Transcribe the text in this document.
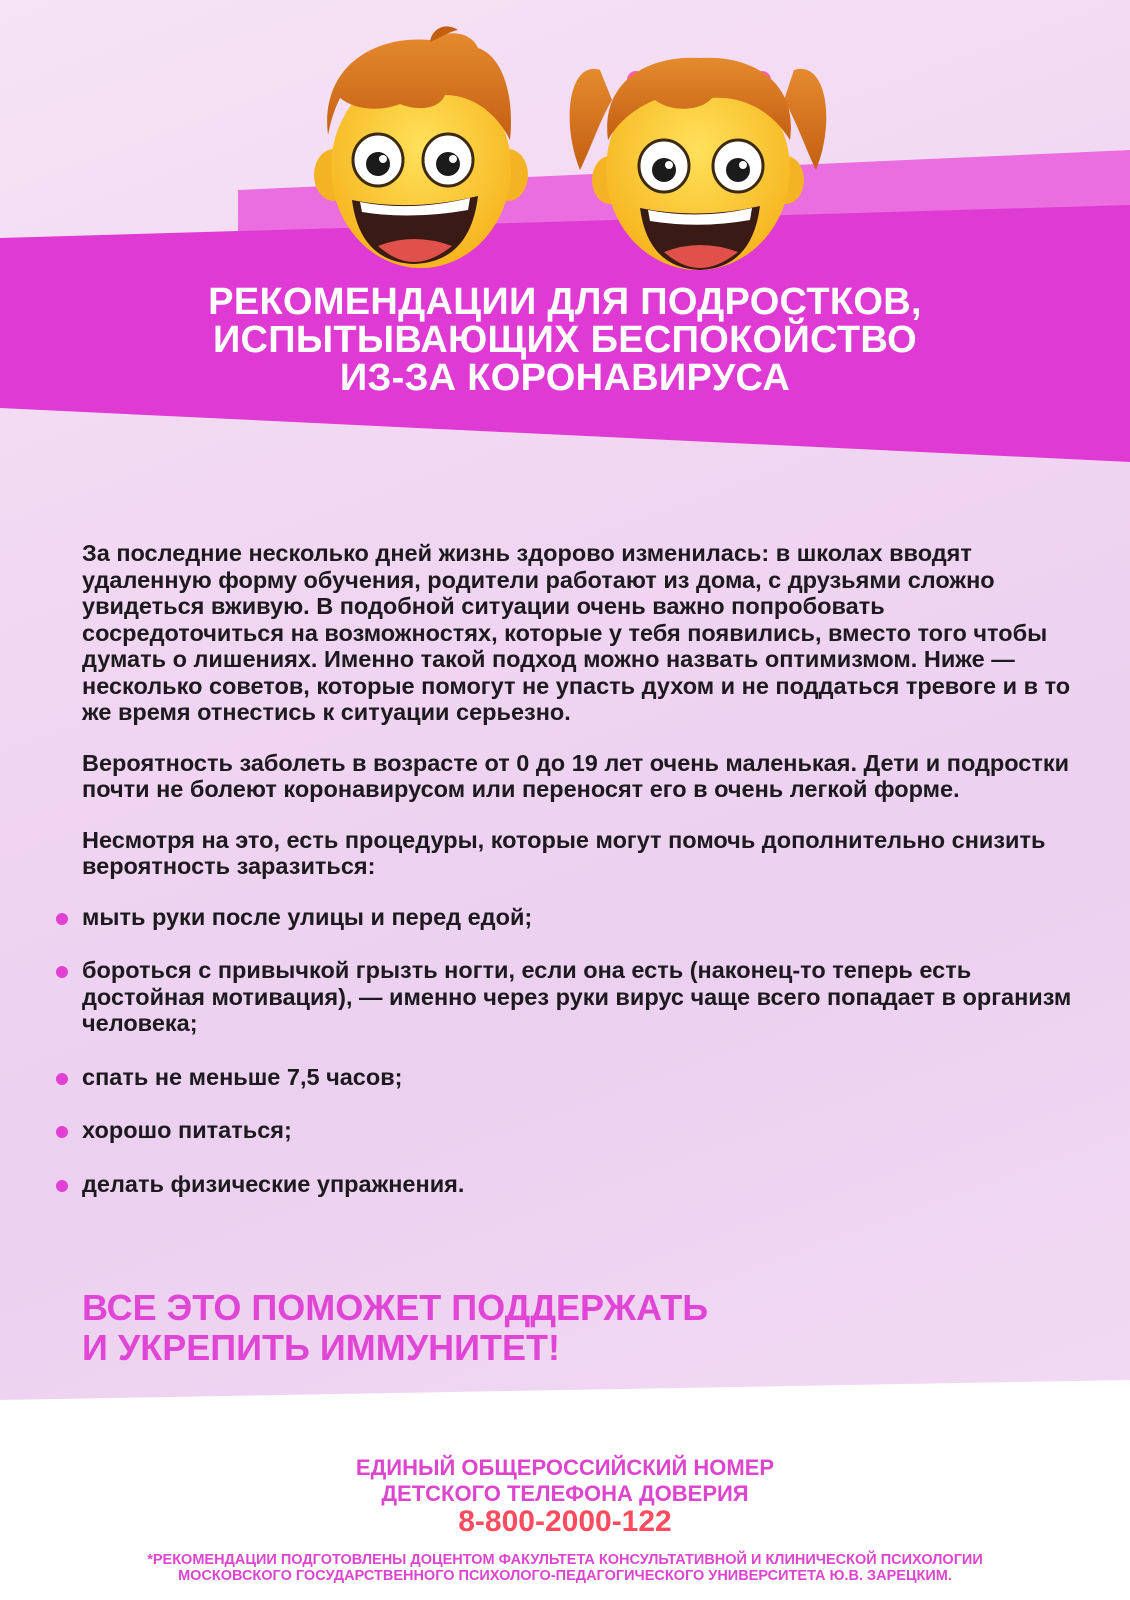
РЕКОМЕНДАЦИИ ДЛЯ ПОДРОСТКОВ,
ИСПЫТЫВАЮЩИХ БЕСПОКОЙСТВО
ИЗ-ЗА КОРОНАВИРУСА

За последние несколько дней жизнь здорово изменилась: в школах вводят удаленную форму обучения, родители работают из дома, с друзьями сложно увидеться вживую. В подобной ситуации очень важно попробовать сосредоточиться на возможностях, которые у тебя появились, вместо того чтобы думать о лишениях. Именно такой подход можно назвать оптимизмом. Ниже — несколько советов, которые помогут не упасть духом и не поддаться тревоге и в то же время отнестись к ситуации серьезно.

Вероятность заболеть в возрасте от 0 до 19 лет очень маленькая. Дети и подростки почти не болеют коронавирусом или переносят его в очень легкой форме.

Несмотря на это, есть процедуры, которые могут помочь дополнительно снизить вероятность заразиться:

мыть руки после улицы и перед едой;
бороться с привычкой грызть ногти, если она есть (наконец-то теперь есть достойная мотивация), — именно через руки вирус чаще всего попадает в организм человека;
спать не меньше 7,5 часов;
хорошо питаться;
делать физические упражнения.
ВСЕ ЭТО ПОМОЖЕТ ПОДДЕРЖАТЬ
И УКРЕПИТЬ ИММУНИТЕТ!
ЕДИНЫЙ ОБЩЕРОССИЙСКИЙ НОМЕР
ДЕТСКОГО ТЕЛЕФОНА ДОВЕРИЯ
8-800-2000-122
*РЕКОМЕНДАЦИИ ПОДГОТОВЛЕНЫ ДОЦЕНТОМ ФАКУЛЬТЕТА КОНСУЛЬТАТИВНОЙ И КЛИНИЧЕСКОЙ ПСИХОЛОГИИ
МОСКОВСКОГО ГОСУДАРСТВЕННОГО ПСИХОЛОГО-ПЕДАГОГИЧЕСКОГО УНИВЕРСИТЕТА Ю.В. ЗАРЕЦКИМ.
